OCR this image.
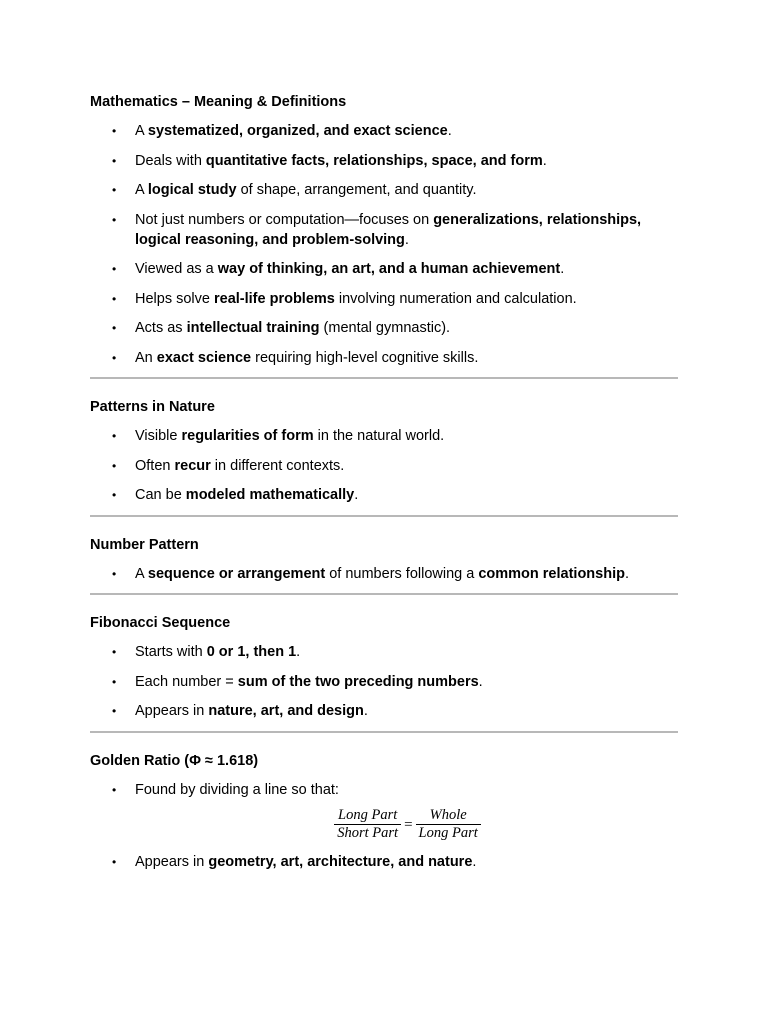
Mathematics – Meaning & Definitions
• A systematized, organized, and exact science.
• Deals with quantitative facts, relationships, space, and form.
• A logical study of shape, arrangement, and quantity.
• Not just numbers or computation—focuses on generalizations, relationships, logical reasoning, and problem-solving.
• Viewed as a way of thinking, an art, and a human achievement.
• Helps solve real-life problems involving numeration and calculation.
• Acts as intellectual training (mental gymnastic).
• An exact science requiring high-level cognitive skills.
Patterns in Nature
• Visible regularities of form in the natural world.
• Often recur in different contexts.
• Can be modeled mathematically.
Number Pattern
• A sequence or arrangement of numbers following a common relationship.
Fibonacci Sequence
• Starts with 0 or 1, then 1.
• Each number = sum of the two preceding numbers.
• Appears in nature, art, and design.
Golden Ratio (Φ ≈ 1.618)
• Found by dividing a line so that:
$\frac{\text{Long Part}}{\text{Short Part}} = \frac{\text{Whole}}{\text{Long Part}}$
• Appears in geometry, art, architecture, and nature.
